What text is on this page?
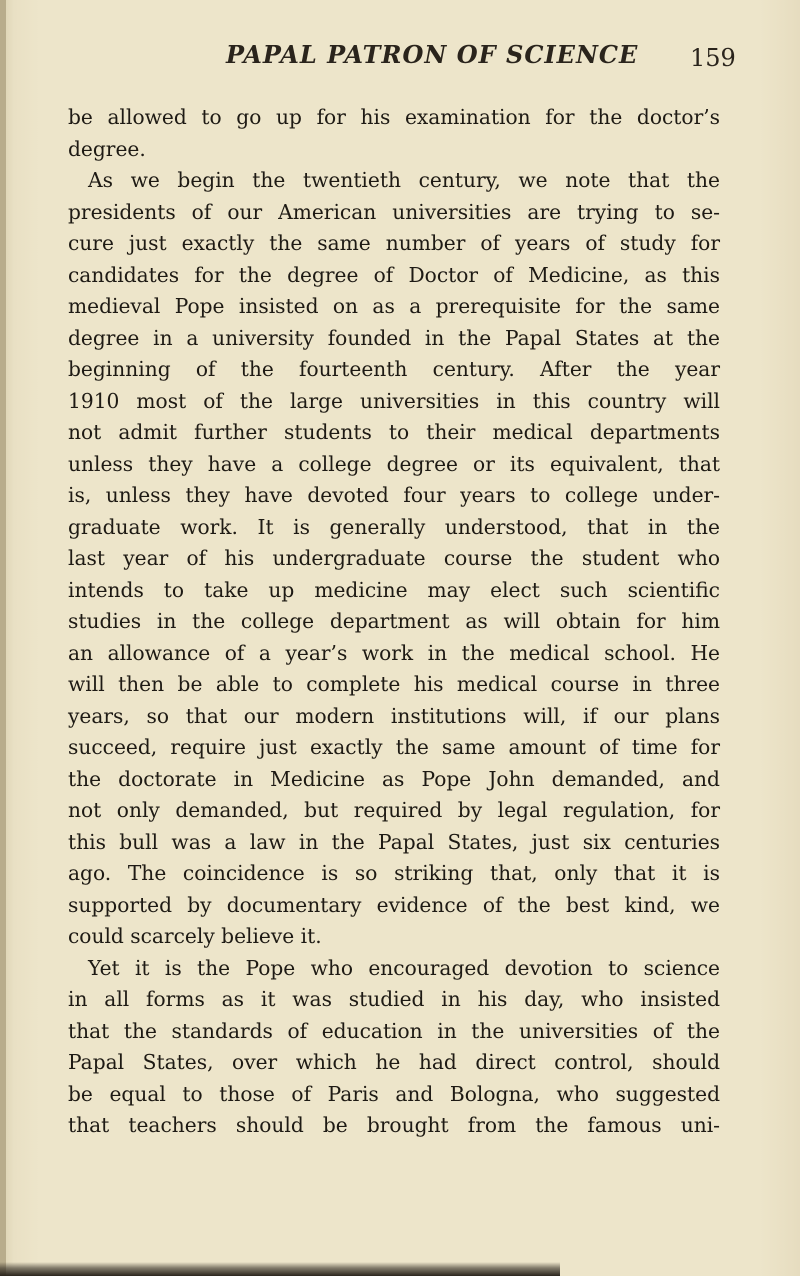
PAPAL PATRON OF SCIENCE 159
be allowed to go up for his examination for the doctor’s
degree.
As we begin the twentieth century, we note that the
presidents of our American universities are trying to se-
cure just exactly the same number of years of study for
candidates for the degree of Doctor of Medicine, as this
medieval Pope insisted on as a prerequisite for the same
degree in a university founded in the Papal States at the
beginning of the fourteenth century. After the year
1910 most of the large universities in this country will
not admit further students to their medical departments
unless they have a college degree or its equivalent, that
is, unless they have devoted four years to college under-
graduate work. It is generally understood, that in the
last year of his undergraduate course the student who
intends to take up medicine may elect such scientific
studies in the college department as will obtain for him
an allowance of a year’s work in the medical school. He
will then be able to complete his medical course in three
years, so that our modern institutions will, if our plans
succeed, require just exactly the same amount of time for
the doctorate in Medicine as Pope John demanded, and
not only demanded, but required by legal regulation, for
this bull was a law in the Papal States, just six centuries
ago. The coincidence is so striking that, only that it is
supported by documentary evidence of the best kind, we
could scarcely believe it.
Yet it is the Pope who encouraged devotion to science
in all forms as it was studied in his day, who insisted
that the standards of education in the universities of the
Papal States, over which he had direct control, should
be equal to those of Paris and Bologna, who suggested
that teachers should be brought from the famous uni-
